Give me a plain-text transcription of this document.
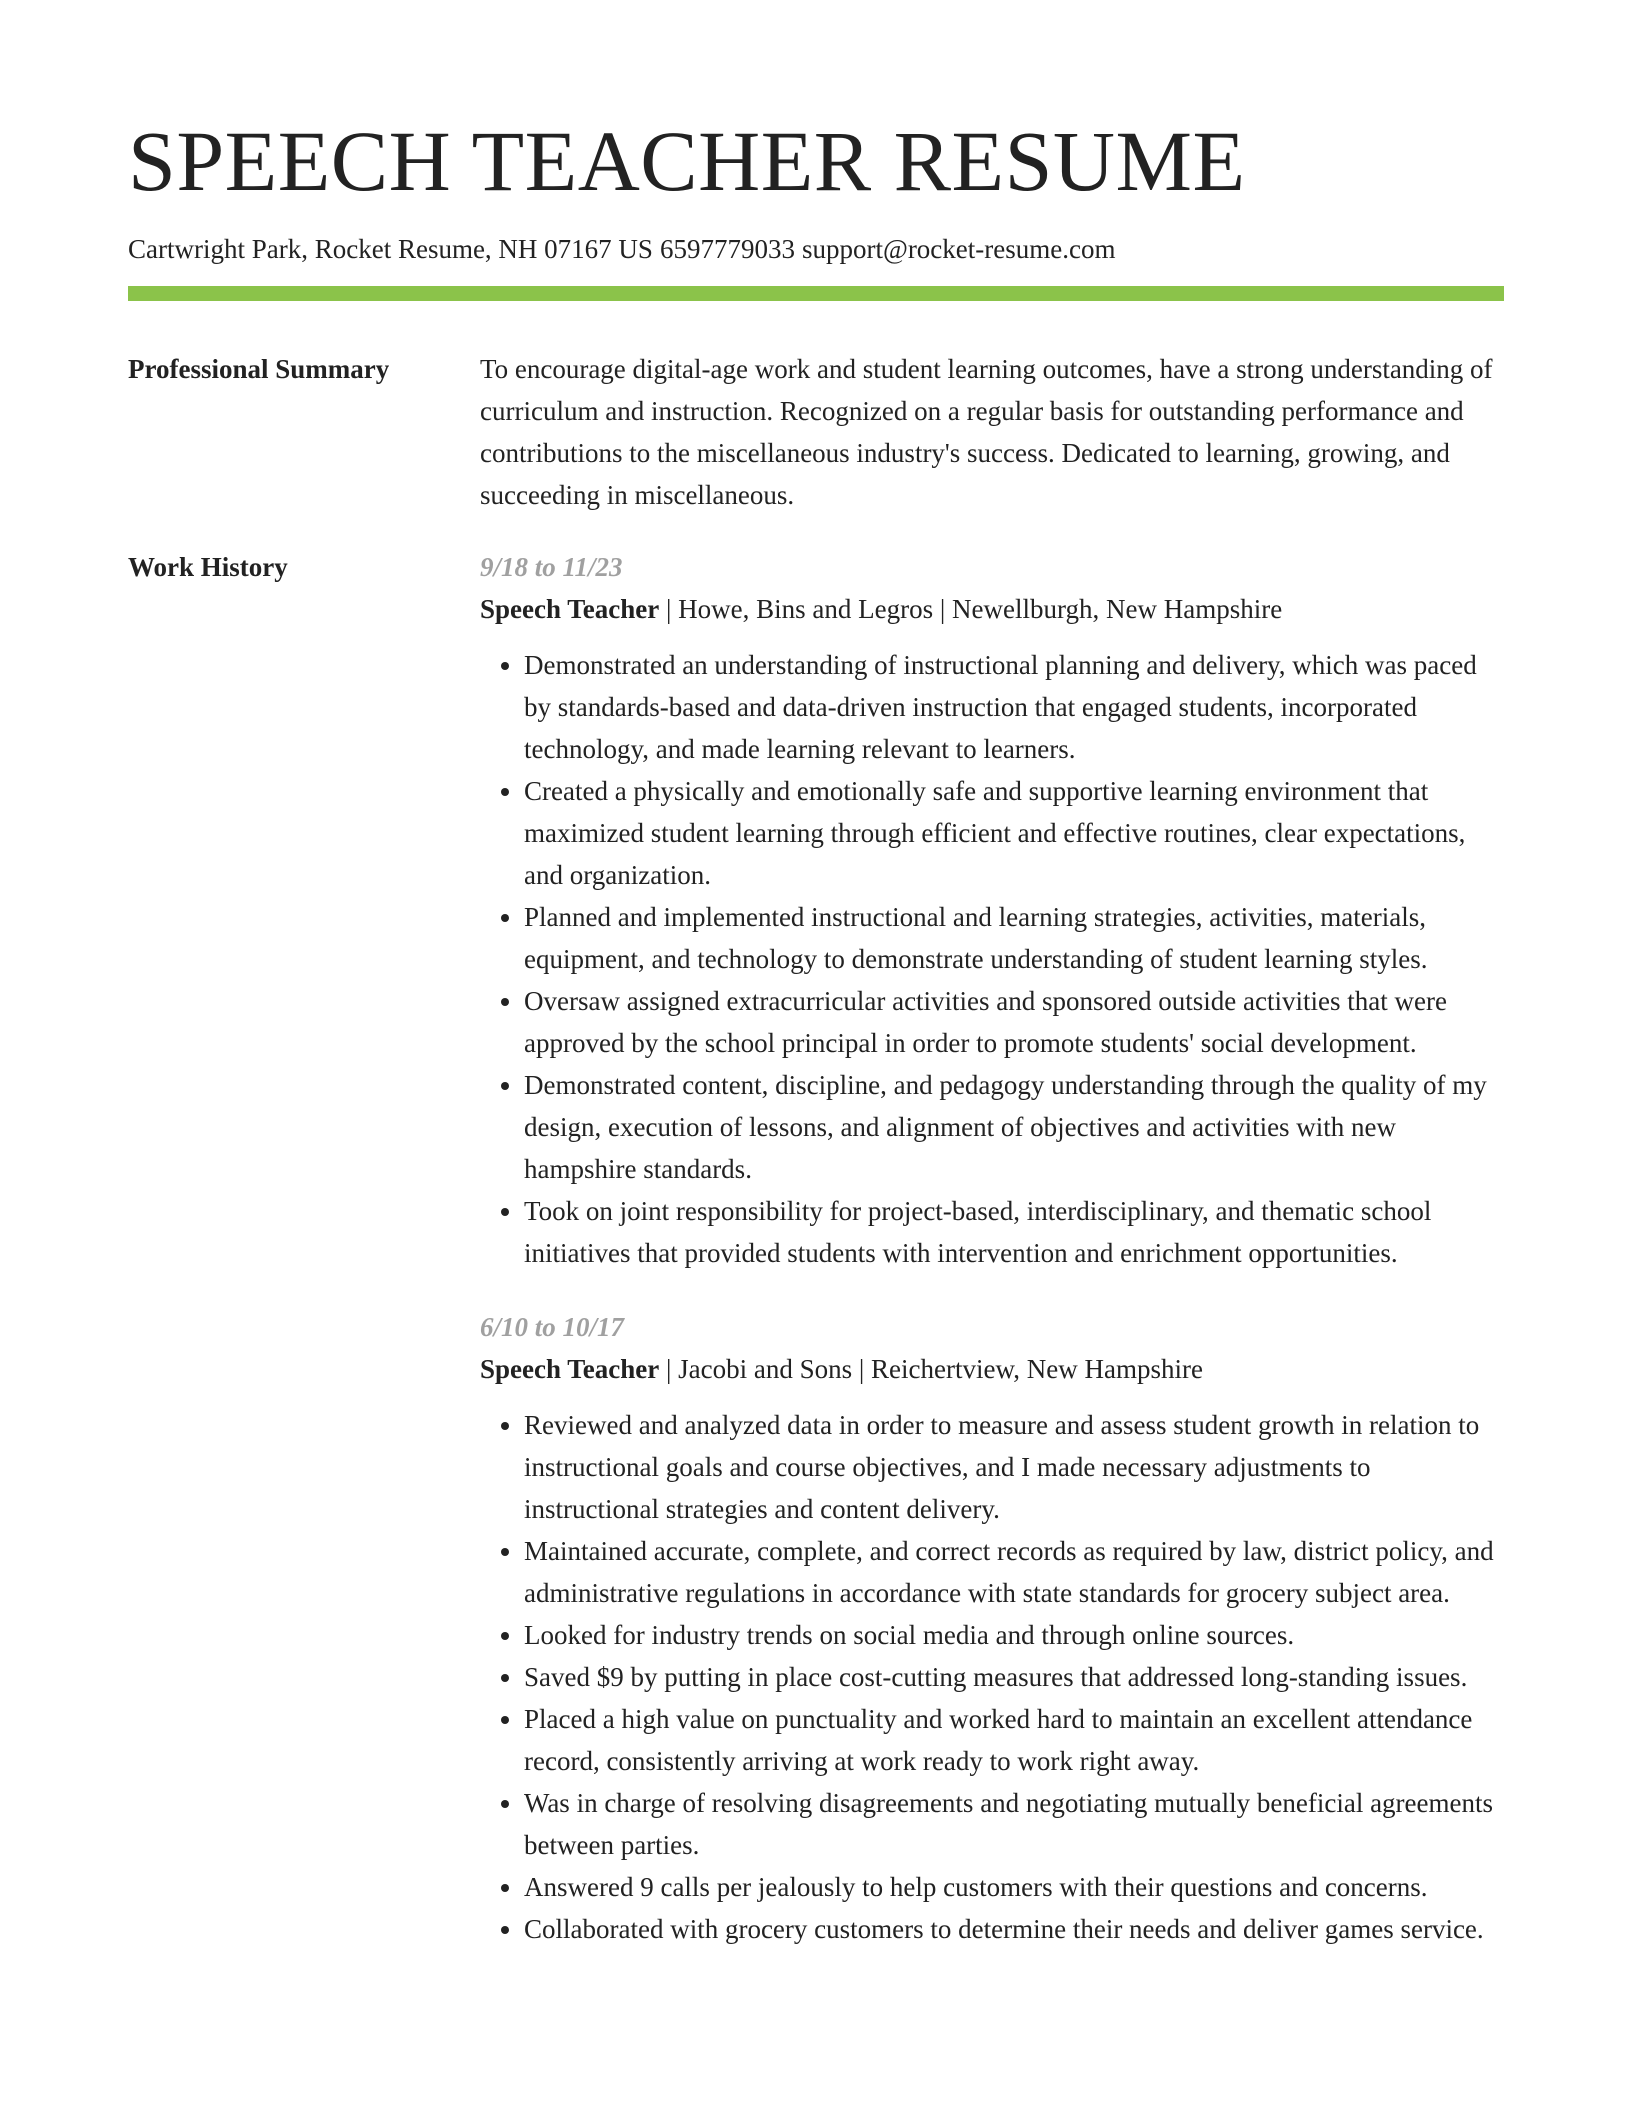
SPEECH TEACHER RESUME
Cartwright Park, Rocket Resume, NH 07167 US 6597779033 support@rocket-resume.com
Professional Summary	To encourage digital-age work and student learning outcomes, have a strong understanding of curriculum and instruction. Recognized on a regular basis for outstanding performance and contributions to the miscellaneous industry's success. Dedicated to learning, growing, and succeeding in miscellaneous.

Work History	9/18 to 11/23
Speech Teacher | Howe, Bins and Legros | Newellburgh, New Hampshire
• Demonstrated an understanding of instructional planning and delivery, which was paced by standards-based and data-driven instruction that engaged students, incorporated technology, and made learning relevant to learners.
• Created a physically and emotionally safe and supportive learning environment that maximized student learning through efficient and effective routines, clear expectations, and organization.
• Planned and implemented instructional and learning strategies, activities, materials, equipment, and technology to demonstrate understanding of student learning styles.
• Oversaw assigned extracurricular activities and sponsored outside activities that were approved by the school principal in order to promote students' social development.
• Demonstrated content, discipline, and pedagogy understanding through the quality of my design, execution of lessons, and alignment of objectives and activities with new hampshire standards.
• Took on joint responsibility for project-based, interdisciplinary, and thematic school initiatives that provided students with intervention and enrichment opportunities.
6/10 to 10/17
Speech Teacher | Jacobi and Sons | Reichertview, New Hampshire
• Reviewed and analyzed data in order to measure and assess student growth in relation to instructional goals and course objectives, and I made necessary adjustments to instructional strategies and content delivery.
• Maintained accurate, complete, and correct records as required by law, district policy, and administrative regulations in accordance with state standards for grocery subject area.
• Looked for industry trends on social media and through online sources.
• Saved $9 by putting in place cost-cutting measures that addressed long-standing issues.
• Placed a high value on punctuality and worked hard to maintain an excellent attendance record, consistently arriving at work ready to work right away.
• Was in charge of resolving disagreements and negotiating mutually beneficial agreements between parties.
• Answered 9 calls per jealously to help customers with their questions and concerns.
• Collaborated with grocery customers to determine their needs and deliver games service.
